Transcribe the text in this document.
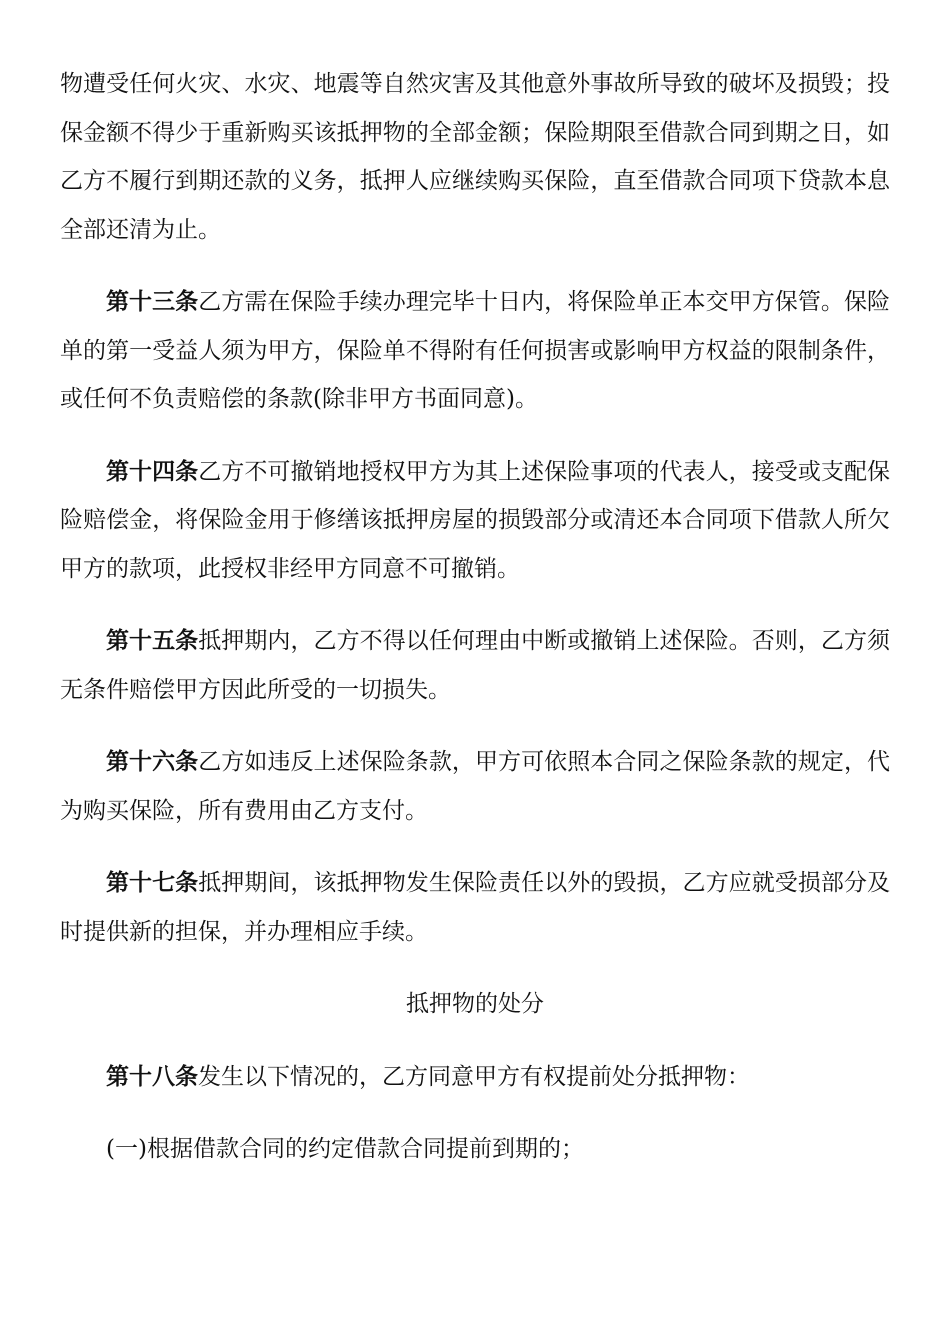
物遭受任何火灾、水灾、地震等自然灾害及其他意外事故所导致的破坏及损毁；投保金额不得少于重新购买该抵押物的全部金额；保险期限至借款合同到期之日，如乙方不履行到期还款的义务，抵押人应继续购买保险，直至借款合同项下贷款本息全部还清为止。

第十三条乙方需在保险手续办理完毕十日内，将保险单正本交甲方保管。保险单的第一受益人须为甲方，保险单不得附有任何损害或影响甲方权益的限制条件，或任何不负责赔偿的条款(除非甲方书面同意)。

第十四条乙方不可撤销地授权甲方为其上述保险事项的代表人，接受或支配保险赔偿金，将保险金用于修缮该抵押房屋的损毁部分或清还本合同项下借款人所欠甲方的款项，此授权非经甲方同意不可撤销。

第十五条抵押期内，乙方不得以任何理由中断或撤销上述保险。否则，乙方须无条件赔偿甲方因此所受的一切损失。

第十六条乙方如违反上述保险条款，甲方可依照本合同之保险条款的规定，代为购买保险，所有费用由乙方支付。

第十七条抵押期间，该抵押物发生保险责任以外的毁损，乙方应就受损部分及时提供新的担保，并办理相应手续。

抵押物的处分

第十八条发生以下情况的，乙方同意甲方有权提前处分抵押物：

(一)根据借款合同的约定借款合同提前到期的；
